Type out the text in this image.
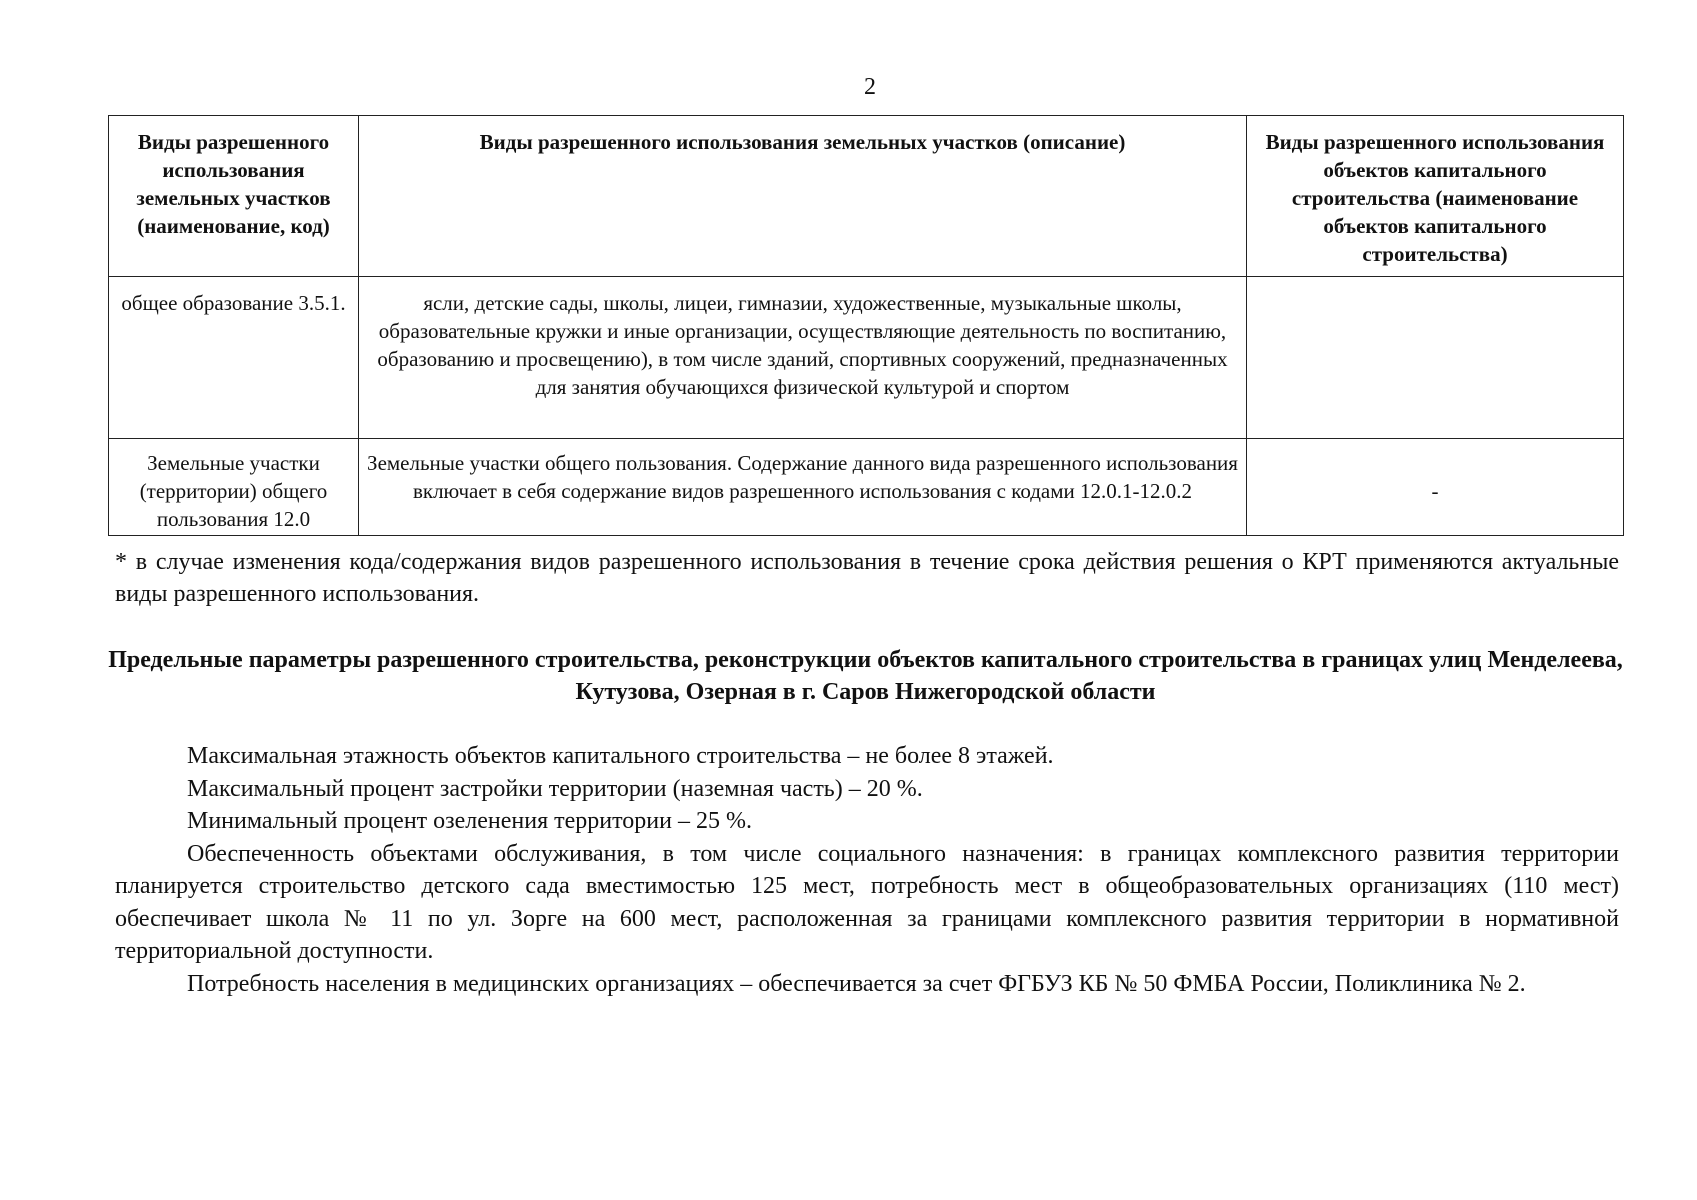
2
Виды разрешенного использования земельных участков (наименование, код)	Виды разрешенного использования земельных участков (описание)	Виды разрешенного использования объектов капитального строительства (наименование объектов капитального строительства)
общее образование 3.5.1.	ясли, детские сады, школы, лицеи, гимназии, художественные, музыкальные школы, образовательные кружки и иные организации, осуществляющие деятельность по воспитанию, образованию и просвещению), в том числе зданий, спортивных сооружений, предназначенных для занятия обучающихся физической культурой и спортом	
Земельные участки (территории) общего пользования 12.0	Земельные участки общего пользования. Содержание данного вида разрешенного использования включает в себя содержание видов разрешенного использования с кодами 12.0.1-12.0.2	-
* в случае изменения кода/содержания видов разрешенного использования в течение срока действия решения о КРТ применяются актуальные виды разрешенного использования.
Предельные параметры разрешенного строительства, реконструкции объектов капитального строительства в границах улиц Менделеева, Кутузова, Озерная в г. Саров Нижегородской области

Максимальная этажность объектов капитального строительства – не более 8 этажей.

Максимальный процент застройки территории (наземная часть) – 20 %.

Минимальный процент озеленения территории – 25 %.

Обеспеченность объектами обслуживания, в том числе социального назначения: в границах комплексного развития территории планируется строительство детского сада вместимостью 125 мест, потребность мест в общеобразовательных организациях (110 мест) обеспечивает школа № 11 по ул. Зорге на 600 мест, расположенная за границами комплексного развития территории в нормативной территориальной доступности.

Потребность населения в медицинских организациях – обеспечивается за счет ФГБУЗ КБ № 50 ФМБА России, Поликлиника № 2.
